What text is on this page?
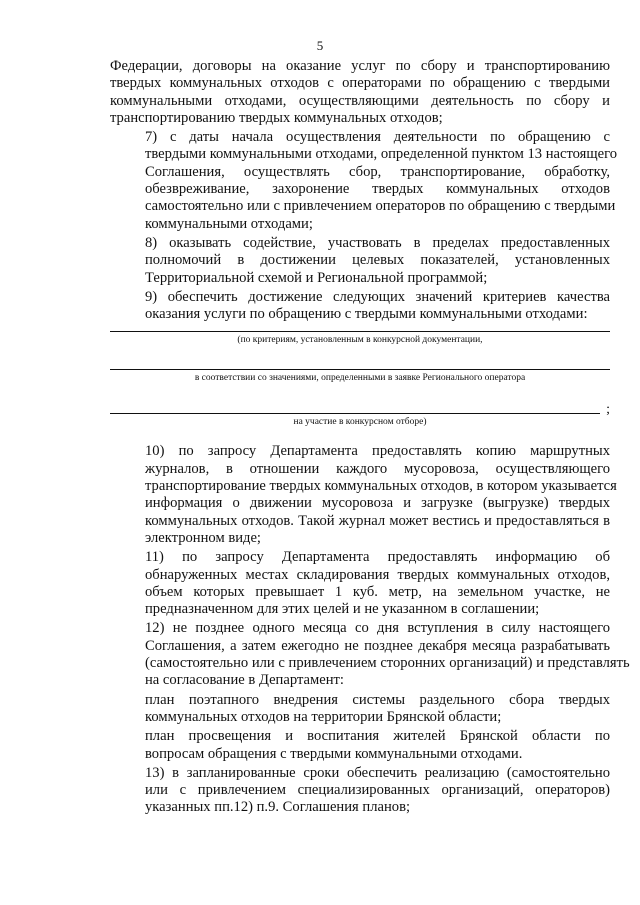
5
Федерации, договоры на оказание услуг по сбору и транспортированию
твердых коммунальных отходов с операторами по обращению с твердыми
коммунальными отходами, осуществляющими деятельность по сбору и
транспортированию твердых коммунальных отходов;
7) с даты начала осуществления деятельности по обращению с
твердыми коммунальными отходами, определенной пунктом 13 настоящего
Соглашения, осуществлять сбор, транспортирование, обработку,
обезвреживание, захоронение твердых коммунальных отходов
самостоятельно или с привлечением операторов по обращению с твердыми
коммунальными отходами;
8) оказывать содействие, участвовать в пределах предоставленных
полномочий в достижении целевых показателей, установленных
Территориальной схемой и Региональной программой;
9) обеспечить достижение следующих значений критериев качества
оказания услуги по обращению с твердыми коммунальными отходами:
(по критериям, установленным в конкурсной документации,
в соответствии со значениями, определенными в заявке Регионального оператора
;
на участие в конкурсном отборе)
10) по запросу Департамента предоставлять копию маршрутных
журналов, в отношении каждого мусоровоза, осуществляющего
транспортирование твердых коммунальных отходов, в котором указывается
информация о движении мусоровоза и загрузке (выгрузке) твердых
коммунальных отходов. Такой журнал может вестись и предоставляться в
электронном виде;
11) по запросу Департамента предоставлять информацию об
обнаруженных местах складирования твердых коммунальных отходов,
объем которых превышает 1 куб. метр, на земельном участке, не
предназначенном для этих целей и не указанном в соглашении;
12) не позднее одного месяца со дня вступления в силу настоящего
Соглашения, а затем ежегодно не позднее декабря месяца разрабатывать
(самостоятельно или с привлечением сторонних организаций) и представлять
на согласование в Департамент:
план поэтапного внедрения системы раздельного сбора твердых
коммунальных отходов на территории Брянской области;
план просвещения и воспитания жителей Брянской области по
вопросам обращения с твердыми коммунальными отходами.
13) в запланированные сроки обеспечить реализацию (самостоятельно
или с привлечением специализированных организаций, операторов)
указанных пп.12) п.9. Соглашения планов;
